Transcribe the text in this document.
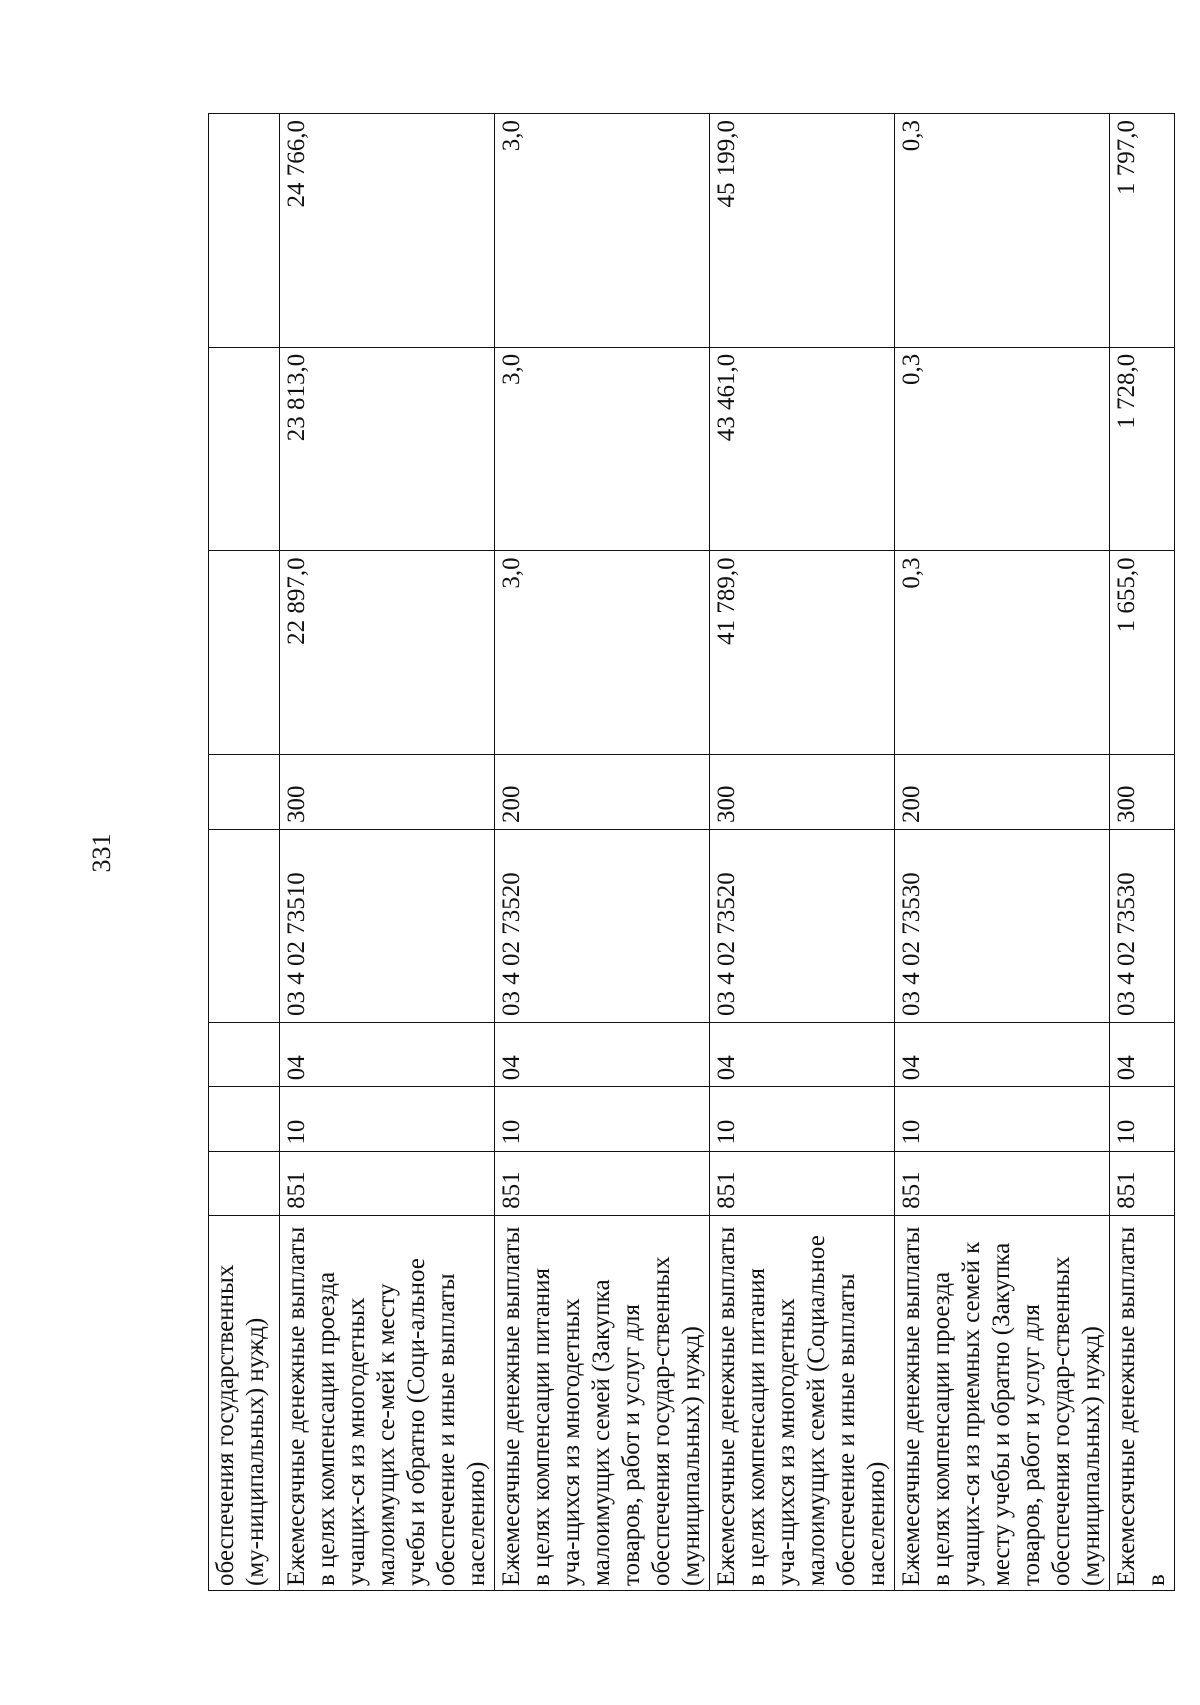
331
обеспечения государственных (му-ниципальных) нужд)								
Ежемесячные денежные выплаты в целях компенсации проезда учащих-ся из многодетных малоимущих се-мей к месту учебы и обратно (Соци-альное обеспечение и иные выплаты населению)	851	10	04	03 4 02 73510	300	22 897,0	23 813,0	24 766,0
Ежемесячные денежные выплаты в целях компенсации питания уча-щихся из многодетных малоимущих семей (Закупка товаров, работ и услуг для обеспечения государ-ственных (муниципальных) нужд)	851	10	04	03 4 02 73520	200	3,0	3,0	3,0
Ежемесячные денежные выплаты в целях компенсации питания уча-щихся из многодетных малоимущих семей (Социальное обеспечение и иные выплаты населению)	851	10	04	03 4 02 73520	300	41 789,0	43 461,0	45 199,0
Ежемесячные денежные выплаты в целях компенсации проезда учащих-ся из приемных семей к месту учебы и обратно (Закупка товаров, работ и услуг для обеспечения государ-ственных (муниципальных) нужд)	851	10	04	03 4 02 73530	200	0,3	0,3	0,3
Ежемесячные денежные выплаты в	851	10	04	03 4 02 73530	300	1 655,0	1 728,0	1 797,0
